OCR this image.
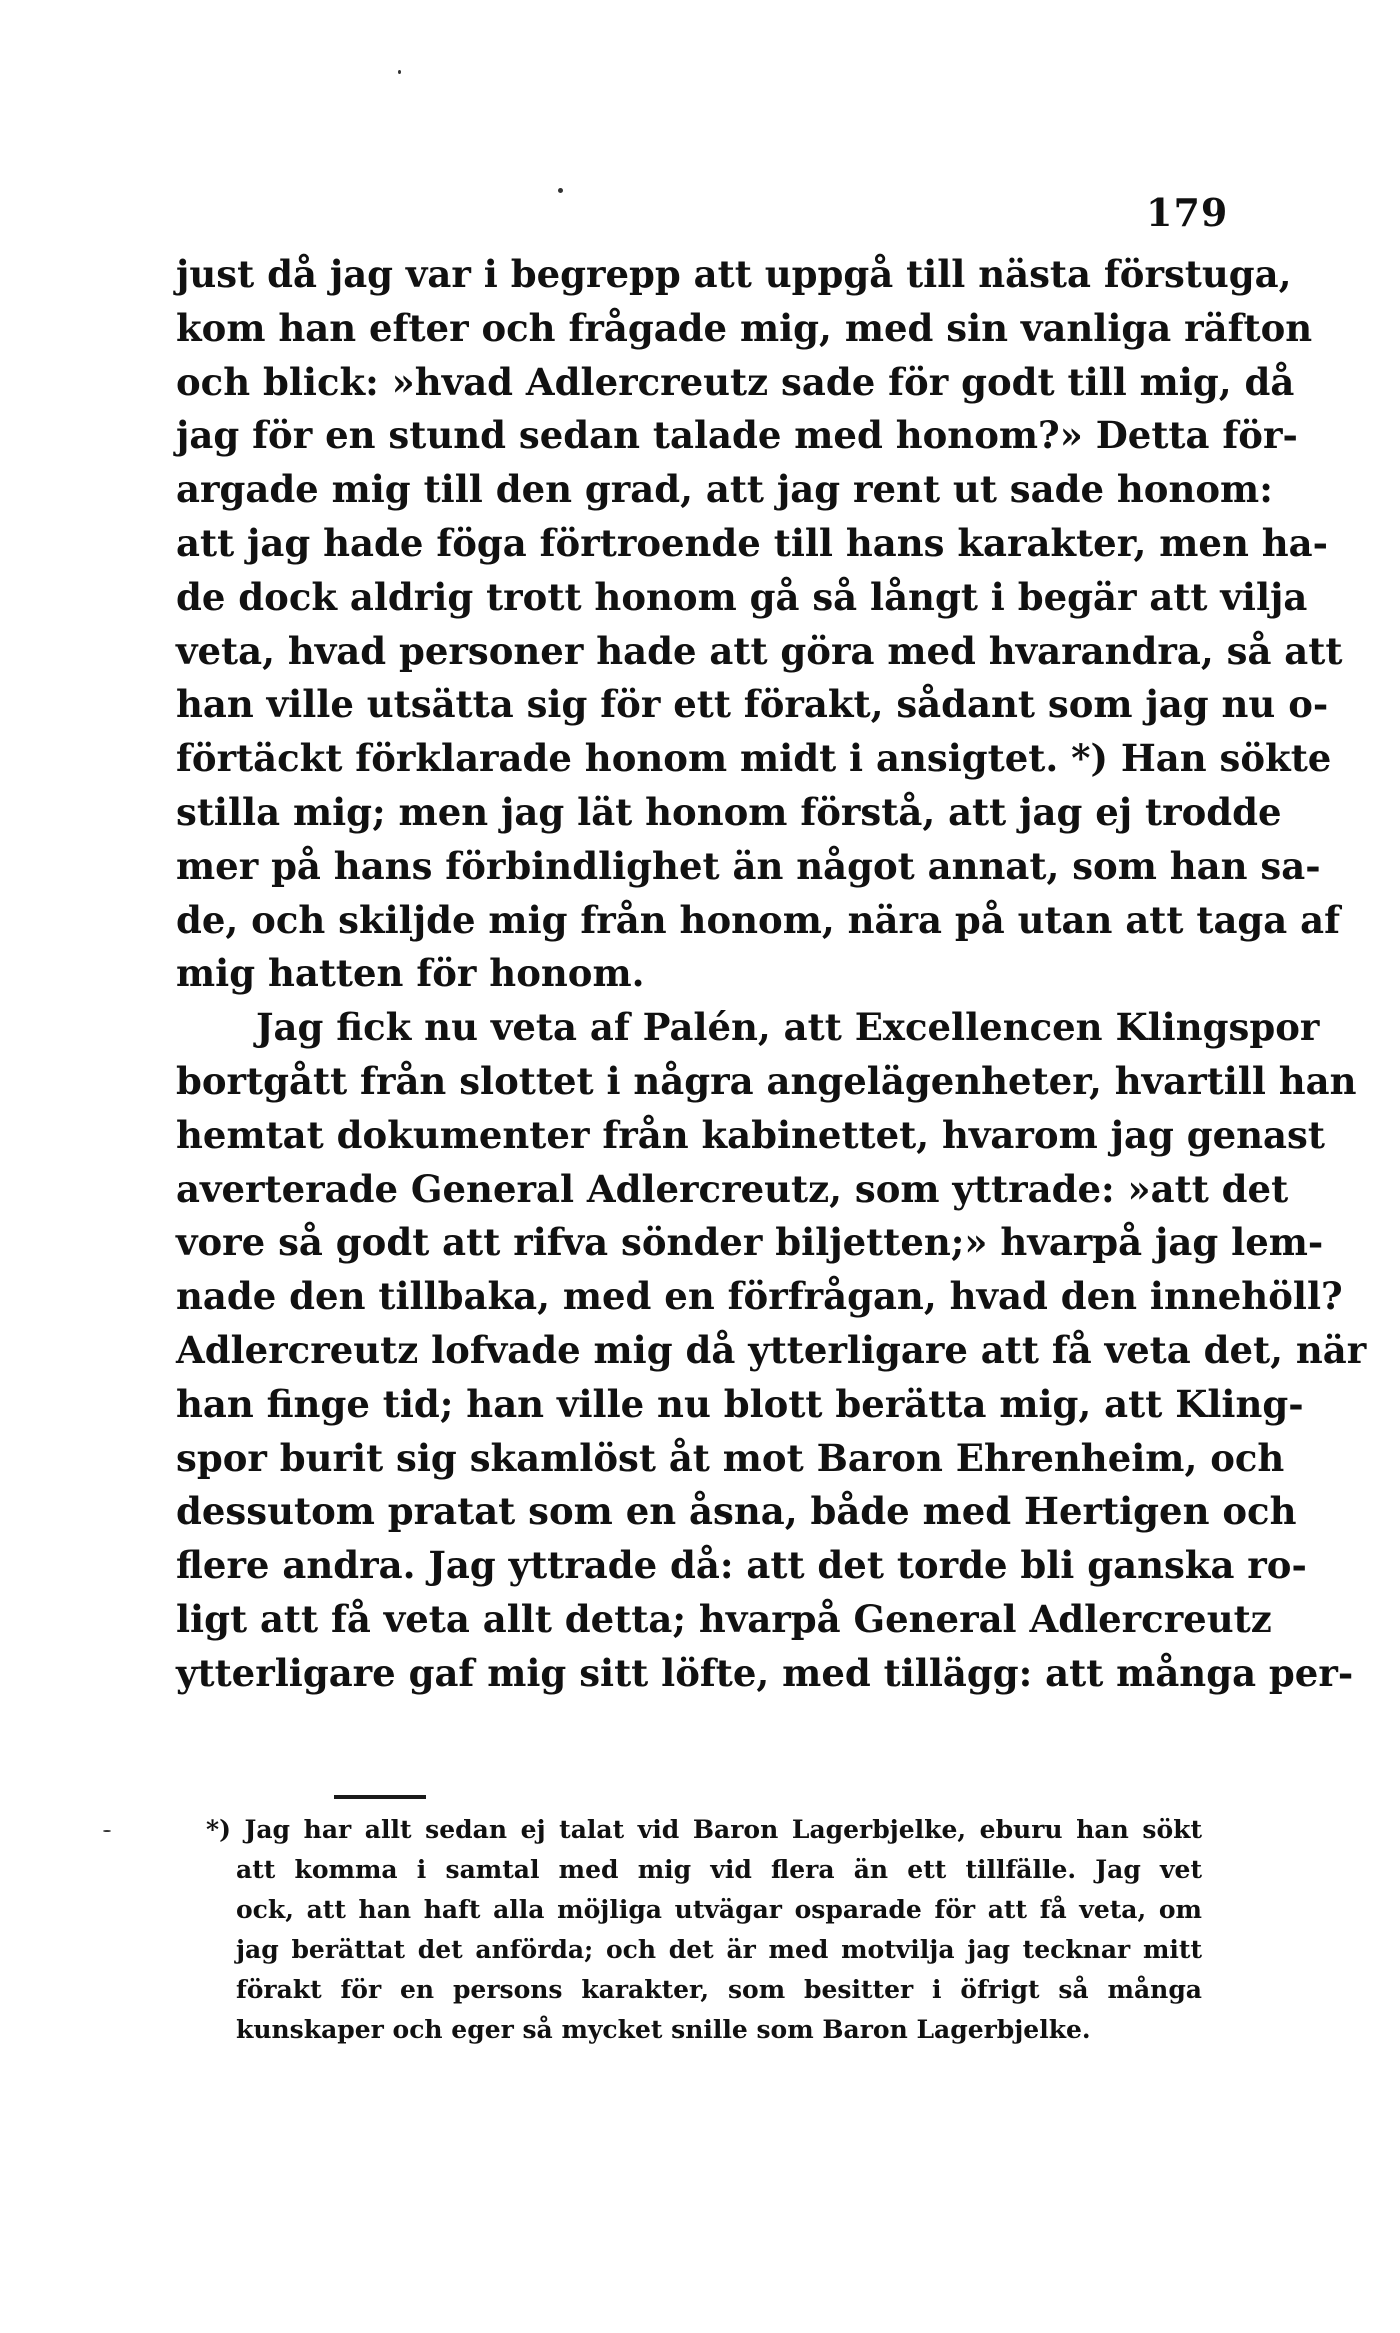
179
just då jag var i begrepp att uppgå till nästa förstuga,
kom han efter och frågade mig, med sin vanliga räfton
och blick: »hvad Adlercreutz sade för godt till mig, då
jag för en stund sedan talade med honom?» Detta för-
argade mig till den grad, att jag rent ut sade honom:
att jag hade föga förtroende till hans karakter, men ha-
de dock aldrig trott honom gå så långt i begär att vilja
veta, hvad personer hade att göra med hvarandra, så att
han ville utsätta sig för ett förakt, sådant som jag nu o-
förtäckt förklarade honom midt i ansigtet. *) Han sökte
stilla mig; men jag lät honom förstå, att jag ej trodde
mer på hans förbindlighet än något annat, som han sa-
de, och skiljde mig från honom, nära på utan att taga af
mig hatten för honom.
Jag fick nu veta af Palén, att Excellencen Klingspor
bortgått från slottet i några angelägenheter, hvartill han
hemtat dokumenter från kabinettet, hvarom jag genast
averterade General Adlercreutz, som yttrade: »att det
vore så godt att rifva sönder biljetten;» hvarpå jag lem-
nade den tillbaka, med en förfrågan, hvad den innehöll?
Adlercreutz lofvade mig då ytterligare att få veta det, när
han finge tid; han ville nu blott berätta mig, att Kling-
spor burit sig skamlöst åt mot Baron Ehrenheim, och
dessutom pratat som en åsna, både med Hertigen och
flere andra. Jag yttrade då: att det torde bli ganska ro-
ligt att få veta allt detta; hvarpå General Adlercreutz
ytterligare gaf mig sitt löfte, med tillägg: att många per-
*) Jag har allt sedan ej talat vid Baron Lagerbjelke, eburu han sökt
att komma i samtal med mig vid flera än ett tillfälle. Jag vet
ock, att han haft alla möjliga utvägar osparade för att få veta, om
jag berättat det anförda; och det är med motvilja jag tecknar mitt
förakt för en persons karakter, som besitter i öfrigt så många
kunskaper och eger så mycket snille som Baron Lagerbjelke.
